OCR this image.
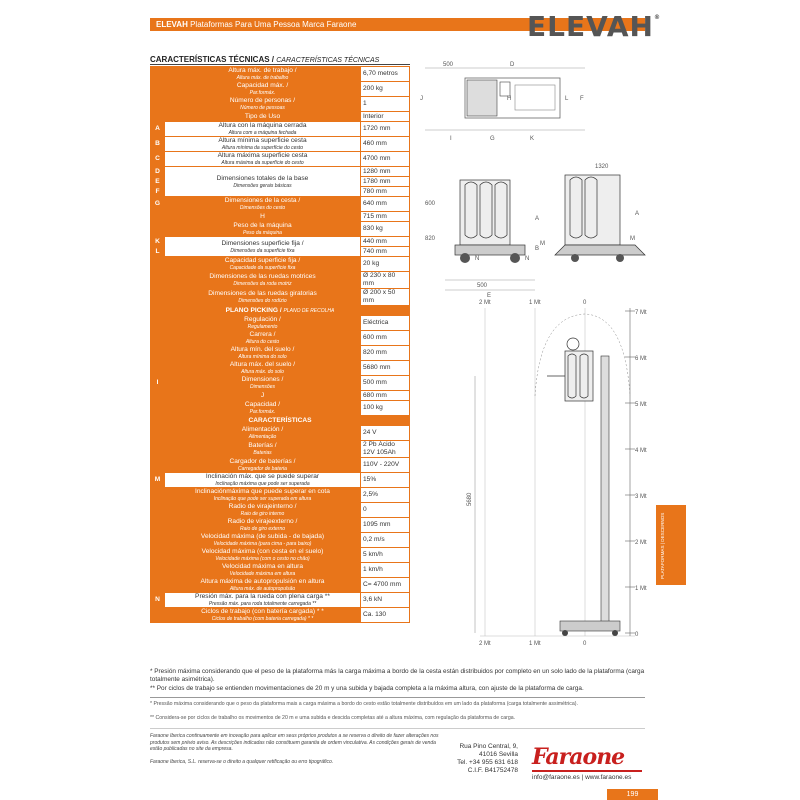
ELEVAH Plataformas Para Uma Pessoa Marca Faraone	ELEVAH®
CARACTERÍSTICAS TÉCNICAS / CARACTERÍSTICAS TÉCNICAS
	Altura máx. de trabajo /
Altura máx. de trabalho	6,70 metros
	Capacidad máx. /
Par.formáx.	200 kg
	Número de personas /
Número de pessoas	1
	Tipo de Uso	Interior
A	Altura con la máquina cerrada
Altura com a máquina fechada	1720 mm
B	Altura mínima superficie cesta
Altura mínima da superfície do cesto	460 mm
C	Altura máxima superficie cesta
Altura máxima da superfície do cesto	4700 mm
D	Dimensiones totales de la base
Dimensões gerais básicas	1280 mm
E		1780 mm
F		780 mm
G	Dimensiones de la cesta /
Dimensões do cesto	640 mm
	H	715 mm
	Peso de la máquina
Peso da máquina	830 kg
K	Dimensiones superficie fija /
Dimensões da superfície fixa	440 mm
L		740 mm
	Capacidad superficie fija /
Capacidade da superfície fixa	20 kg
	Dimensiones de las ruedas motrices
Dimensões da roda motriz	Ø 230 x 80 mm
	Dimensiones de las ruedas giratorias
Dimensões do rodízio	Ø 200 x 50 mm
PLANO PICKING / PLANO DE RECOLHA		
	Regulación /
Regulamento	Eléctrica
	Carrera /
Altura do cesto	600 mm
	Altura mín. del suelo /
Altura mínima do solo	820 mm
	Altura máx. del suelo /
Altura máx. do solo	5680 mm
I	Dimensiones /
Dimensões	500 mm
	J	680 mm
	Capacidad /
Par.formáx.	100 kg
CARACTERÍSTICAS		
	Alimentación /
Alimentação	24 V
	Baterías /
Baterias	2 Pb Ácido 12V 105Ah
	Cargador de baterías /
Carregador de bateria	110V - 220V
M	Inclinación máx. que se puede superar
Inclinação máxima que pode ser superada	15%
	Inclinaciónmáxima que puede superar en cota
Inclinação que pode ser superada em altura	2,5%
	Radio de virajeinterno /
Raio de giro interno	0
	Radio de virajeexterno /
Raio de giro externo	1095 mm
	Velocidad máxima (de subida - de bajada)
Velocidade máxima (para cima - para baixo)	0,2 m/s
	Velocidad máxima (con cesta en el suelo)
Velocidade máxima (com o cesto no chão)	5 km/h
	Velocidad máxima en altura
Velocidade máxima em altura	1 km/h
	Altura máxima de autopropulsión en altura
Altura máx. de autopropulsão	C= 4700 mm
N	Presión máx. para la rueda con plena carga **
Pressão máx. para roda totalmente carregada **	3,6 kN
	Ciclos de trabajo (con batería cargada) * *
Ciclos de trabalho (com bateria carregada) * *	Ca. 130
500	D
J
I	G	K
H	L F
1320
600
820
A
B
M
N
500
E
N
A
M
5680
2 Mt	1 Mt	0
7 Mt
6 Mt
5 Mt
4 Mt
3 Mt
2 Mt
1 Mt
0
2 Mt	1 Mt	0
PLATAFORMAS | DESCERNOS
* Presión máxima considerando que el peso de la plataforma más la carga máxima a bordo de la cesta están distribuidos por completo en un solo lado de la plataforma (carga totalmente asimétrica).
** Por ciclos de trabajo se entienden movimentaciones de 20 m y una subida y bajada completa a la máxima altura, con ajuste de la plataforma de carga.
* Pressão máxima considerando que o peso da plataforma mais a carga máxima a bordo do cesto estão totalmente distribuídos em um lado da plataforma (carga totalmente assimétrica).
** Considera-se por ciclos de trabalho os movimentos de 20 m e uma subida e descida completas até a altura máxima, com regulação da plataforma de carga.
Faraone Iberica continuamente em inovação para aplicar em seus próprios produtos a se reserva o direito de fazer alterações nos produtos sem prévio aviso. As descrições indicadas não constituem garantia de ordem vinculativa. As condições gerais de venda estão publicadas no site da empresa.
Faraone Iberica, S.L. reserva-se o direito a qualquer retificação ou erro tipográfico.
Rua Pino Central, 9,
41016 Sevilla
Tel. +34 955 631 618
C.I.F. B41752478
Faraone
info@faraone.es | www.faraone.es
199
